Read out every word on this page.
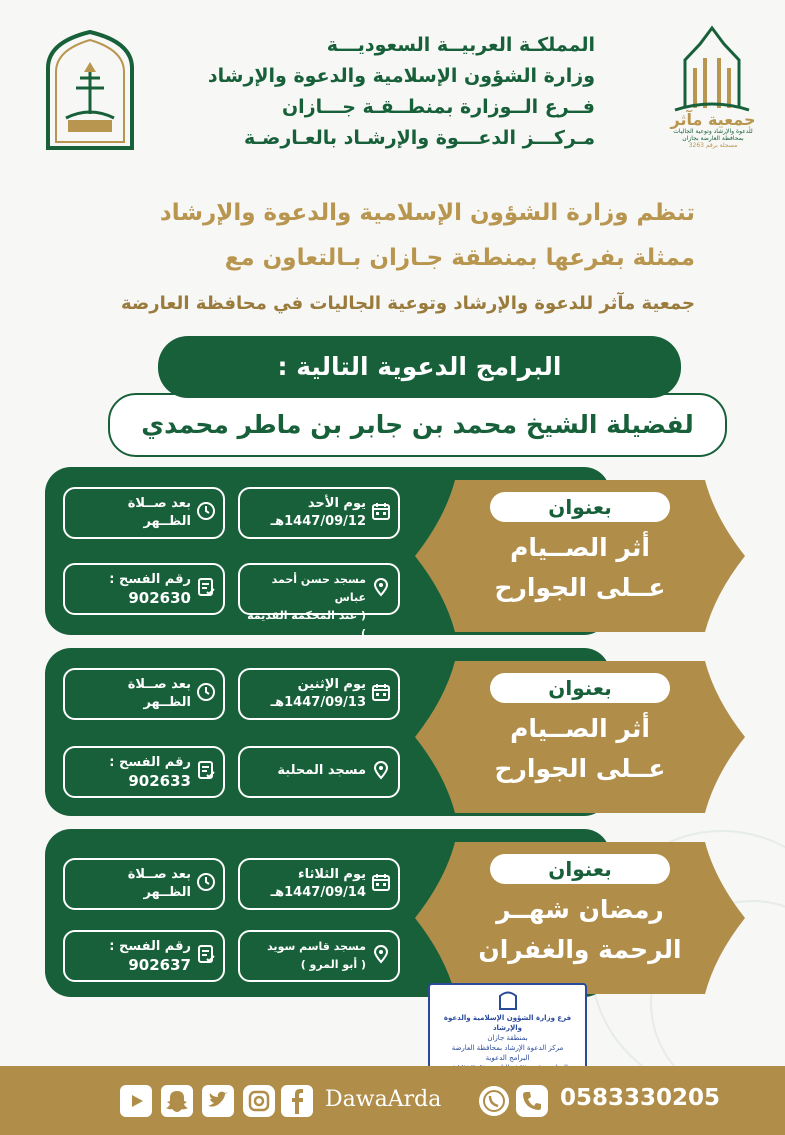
المملكـة العربيــة السعوديـــة
وزارة الشؤون الإسلامية والدعوة والإرشاد
فــرع الــوزارة بمنطــقـة جـــازان
مـركـــز الدعـــوة والإرشـاد بالعـارضـة
جمعية مآثر
للدعوة والإرشاد وتوعية الجاليات بمحافظة العارضة بجازان
مسجلة برقم 3263
تنظم وزارة الشؤون الإسلامية والدعوة والإرشاد
ممثلة بفرعها بمنطقة جـازان بـالتعاون مع
جمعية مآثر للدعوة والإرشاد وتوعية الجاليات في محافظة العارضة
لفضيلة الشيخ محمد بن جابر بن ماطر محمدي
البرامج الدعوية التالية :
يوم الأحد
1447/09/12هـ
بعد صــلاة
الظــهر
مسجد حسن أحمد عباس
( عند المحكمة القديمة )
رقم الفسح :
902630
بعنوان
أثر الصــيام
عــلى الجوارح
يوم الإثنين
1447/09/13هـ
بعد صــلاة
الظــهر
مسجد المحلبة
رقم الفسح :
902633
بعنوان
أثر الصــيام
عــلى الجوارح
يوم الثلاثاء
1447/09/14هـ
بعد صــلاة
الظــهر
مسجد قاسم سويد
( أبو المرو )
رقم الفسح :
902637
بعنوان
رمضان شهــر
الرحمة والغفران
فرع وزارة الشؤون الإسلامية والدعوة والإرشاد
بمنطقة جازان
مركز الدعوة الإرشاد بمحافظة العارضة
البرامج الدعوية
0583330205
DawaArda
